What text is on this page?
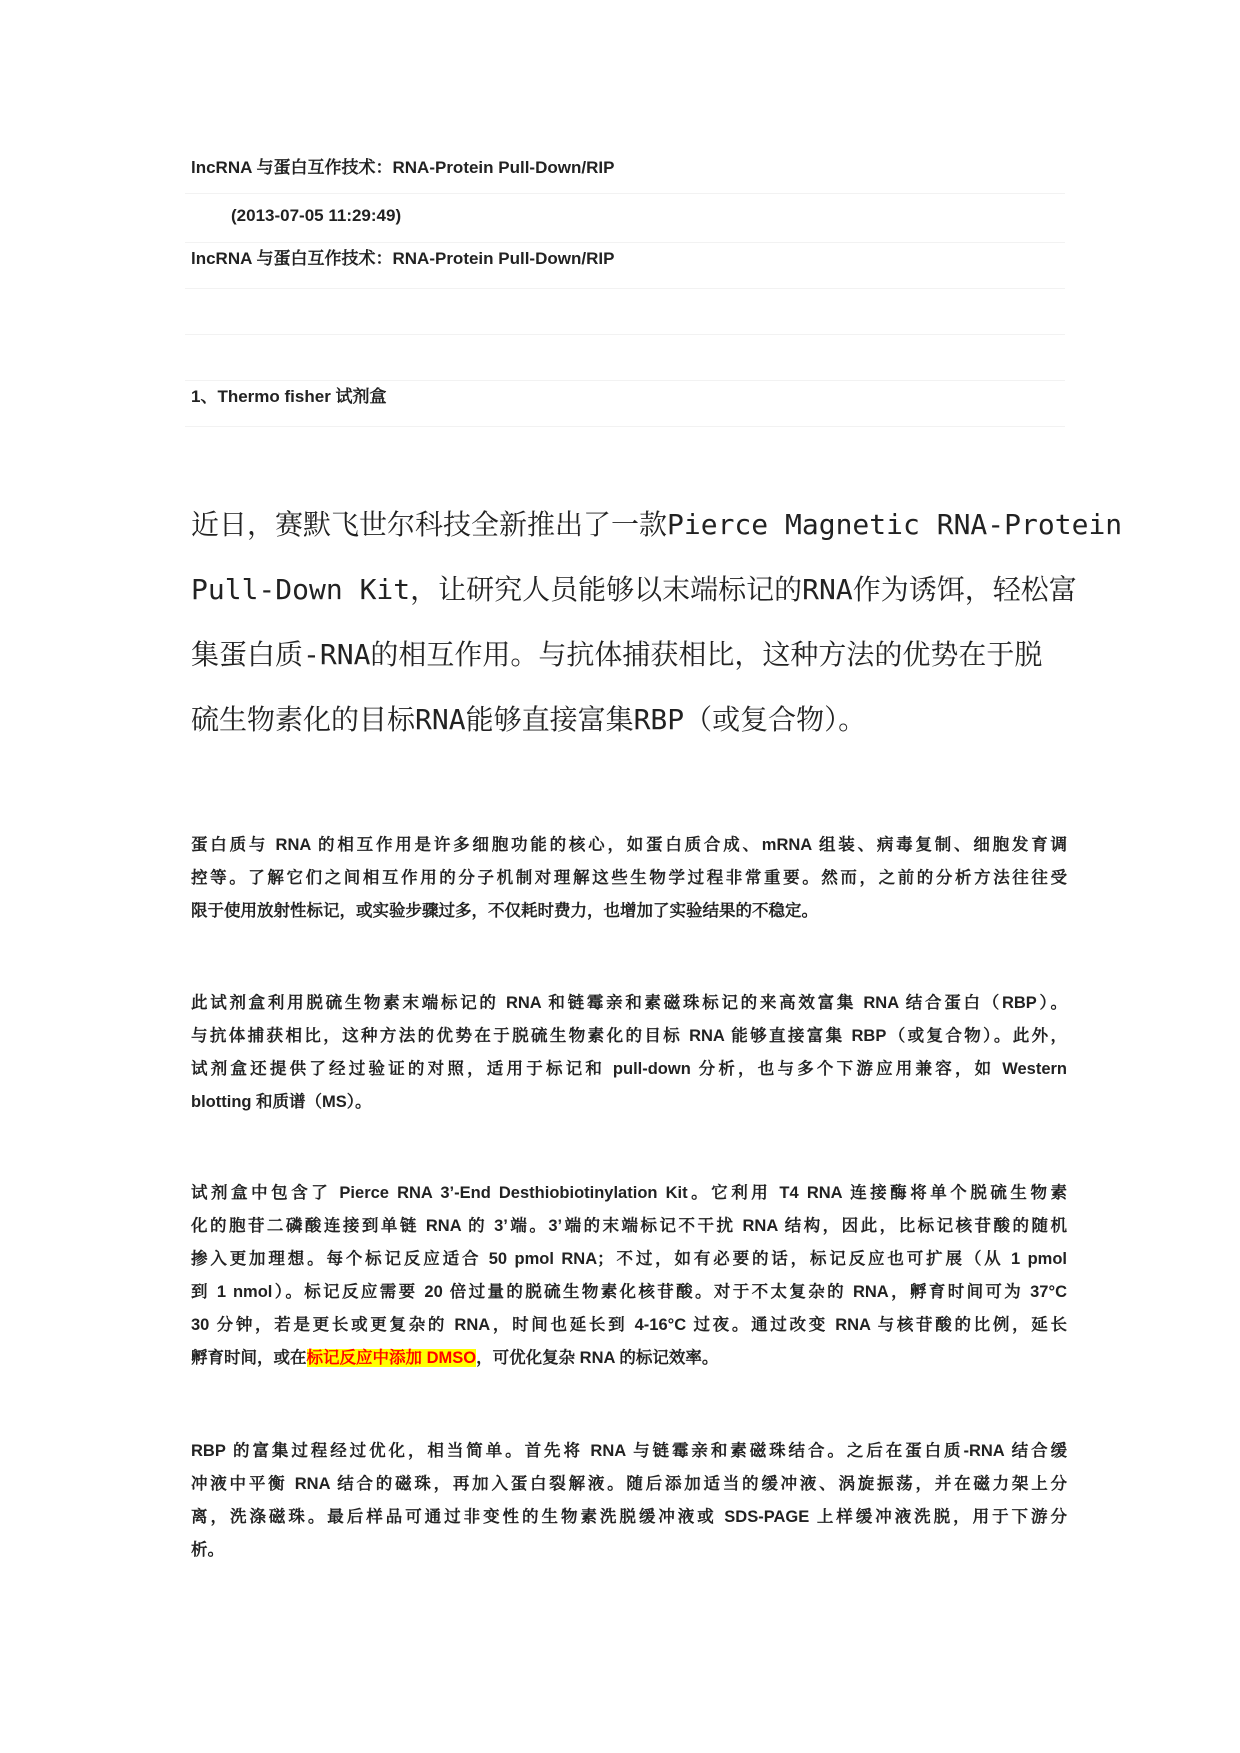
lncRNA 与蛋白互作技术：RNA-Protein Pull-Down/RIP
(2013-07-05 11:29:49)
lncRNA 与蛋白互作技术：RNA-Protein Pull-Down/RIP
1、Thermo fisher 试剂盒
近日，赛默飞世尔科技全新推出了一款Pierce Magnetic RNA-Protein
Pull-Down Kit，让研究人员能够以末端标记的RNA作为诱饵，轻松富
集蛋白质-RNA的相互作用。与抗体捕获相比，这种方法的优势在于脱
硫生物素化的目标RNA能够直接富集RBP（或复合物）。
蛋白质与 RNA 的相互作用是许多细胞功能的核心，如蛋白质合成、mRNA 组装、病毒复制、细胞发育调
控等。了解它们之间相互作用的分子机制对理解这些生物学过程非常重要。然而，之前的分析方法往往受
限于使用放射性标记，或实验步骤过多，不仅耗时费力，也增加了实验结果的不稳定。
此试剂盒利用脱硫生物素末端标记的 RNA 和链霉亲和素磁珠标记的来高效富集 RNA 结合蛋白（RBP）。
与抗体捕获相比，这种方法的优势在于脱硫生物素化的目标 RNA 能够直接富集 RBP（或复合物）。此外，
试剂盒还提供了经过验证的对照，适用于标记和 pull-down 分析，也与多个下游应用兼容，如 Western
blotting 和质谱（MS）。
试剂盒中包含了 Pierce RNA 3’-End Desthiobiotinylation Kit。它利用 T4 RNA 连接酶将单个脱硫生物素
化的胞苷二磷酸连接到单链 RNA 的 3’端。3’端的末端标记不干扰 RNA 结构，因此，比标记核苷酸的随机
掺入更加理想。每个标记反应适合 50 pmol RNA；不过，如有必要的话，标记反应也可扩展（从 1 pmol
到 1 nmol）。标记反应需要 20 倍过量的脱硫生物素化核苷酸。对于不太复杂的 RNA，孵育时间可为 37°C
30 分钟，若是更长或更复杂的 RNA，时间也延长到 4-16°C 过夜。通过改变 RNA 与核苷酸的比例，延长
孵育时间，或在标记反应中添加 DMSO，可优化复杂 RNA 的标记效率。
RBP 的富集过程经过优化，相当简单。首先将 RNA 与链霉亲和素磁珠结合。之后在蛋白质-RNA 结合缓
冲液中平衡 RNA 结合的磁珠，再加入蛋白裂解液。随后添加适当的缓冲液、涡旋振荡，并在磁力架上分
离，洗涤磁珠。最后样品可通过非变性的生物素洗脱缓冲液或 SDS-PAGE 上样缓冲液洗脱，用于下游分
析。
